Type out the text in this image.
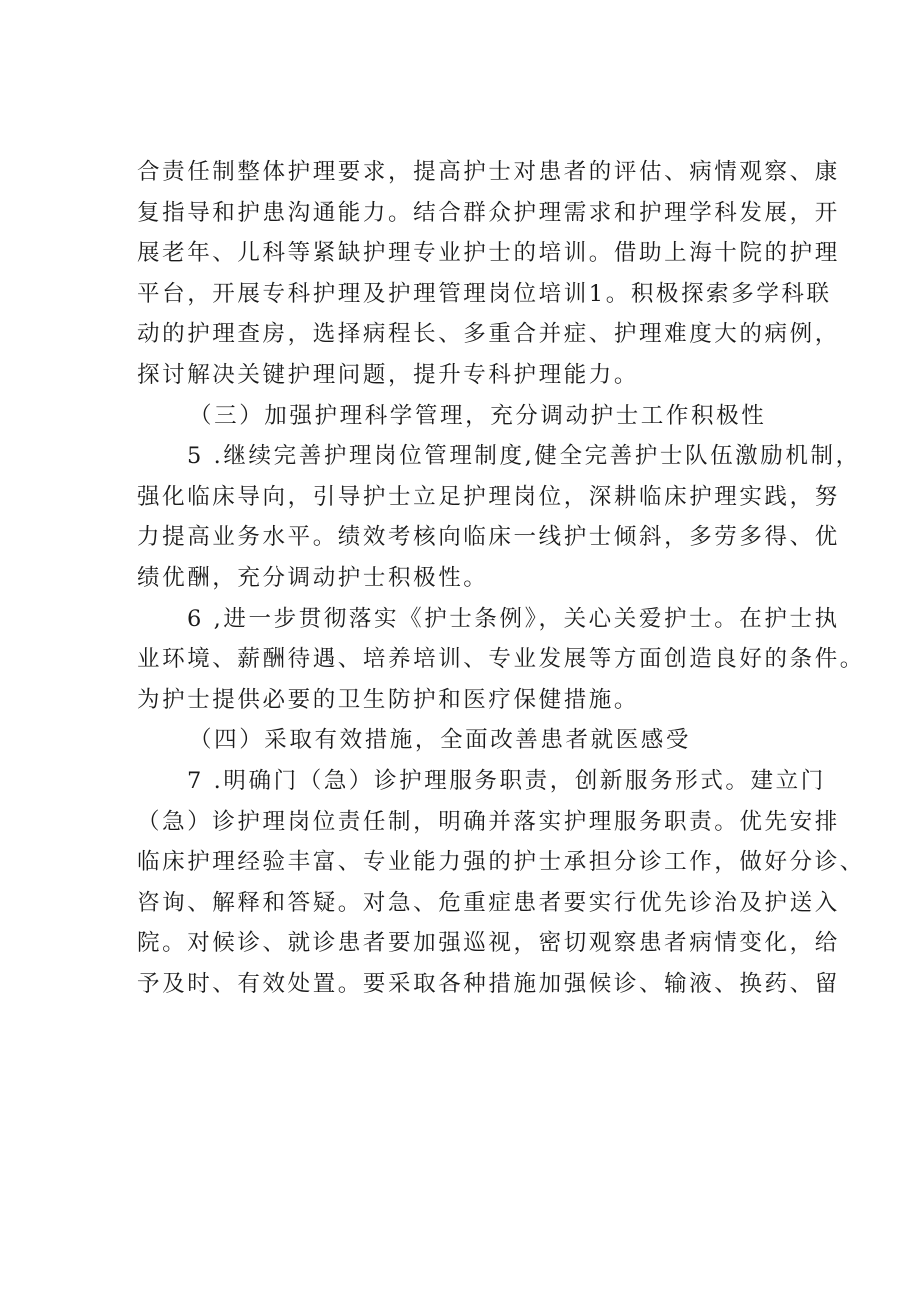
合责任制整体护理要求，提高护士对患者的评估、病情观察、康
复指导和护患沟通能力。结合群众护理需求和护理学科发展，开
展老年、儿科等紧缺护理专业护士的培训。借助上海十院的护理
平台，开展专科护理及护理管理岗位培训1。积极探索多学科联
动的护理查房，选择病程长、多重合并症、护理难度大的病例，
探讨解决关键护理问题，提升专科护理能力。
（三）加强护理科学管理，充分调动护士工作积极性
5 .继续完善护理岗位管理制度,健全完善护士队伍激励机制，
强化临床导向，引导护士立足护理岗位，深耕临床护理实践，努
力提高业务水平。绩效考核向临床一线护士倾斜，多劳多得、优
绩优酬，充分调动护士积极性。
6 ,进一步贯彻落实《护士条例》，关心关爱护士。在护士执
业环境、薪酬待遇、培养培训、专业发展等方面创造良好的条件。
为护士提供必要的卫生防护和医疗保健措施。
（四）采取有效措施，全面改善患者就医感受
7 .明确门（急）诊护理服务职责，创新服务形式。建立门
（急）诊护理岗位责任制，明确并落实护理服务职责。优先安排
临床护理经验丰富、专业能力强的护士承担分诊工作，做好分诊、
咨询、解释和答疑。对急、危重症患者要实行优先诊治及护送入
院。对候诊、就诊患者要加强巡视，密切观察患者病情变化，给
予及时、有效处置。要采取各种措施加强候诊、输液、换药、留
